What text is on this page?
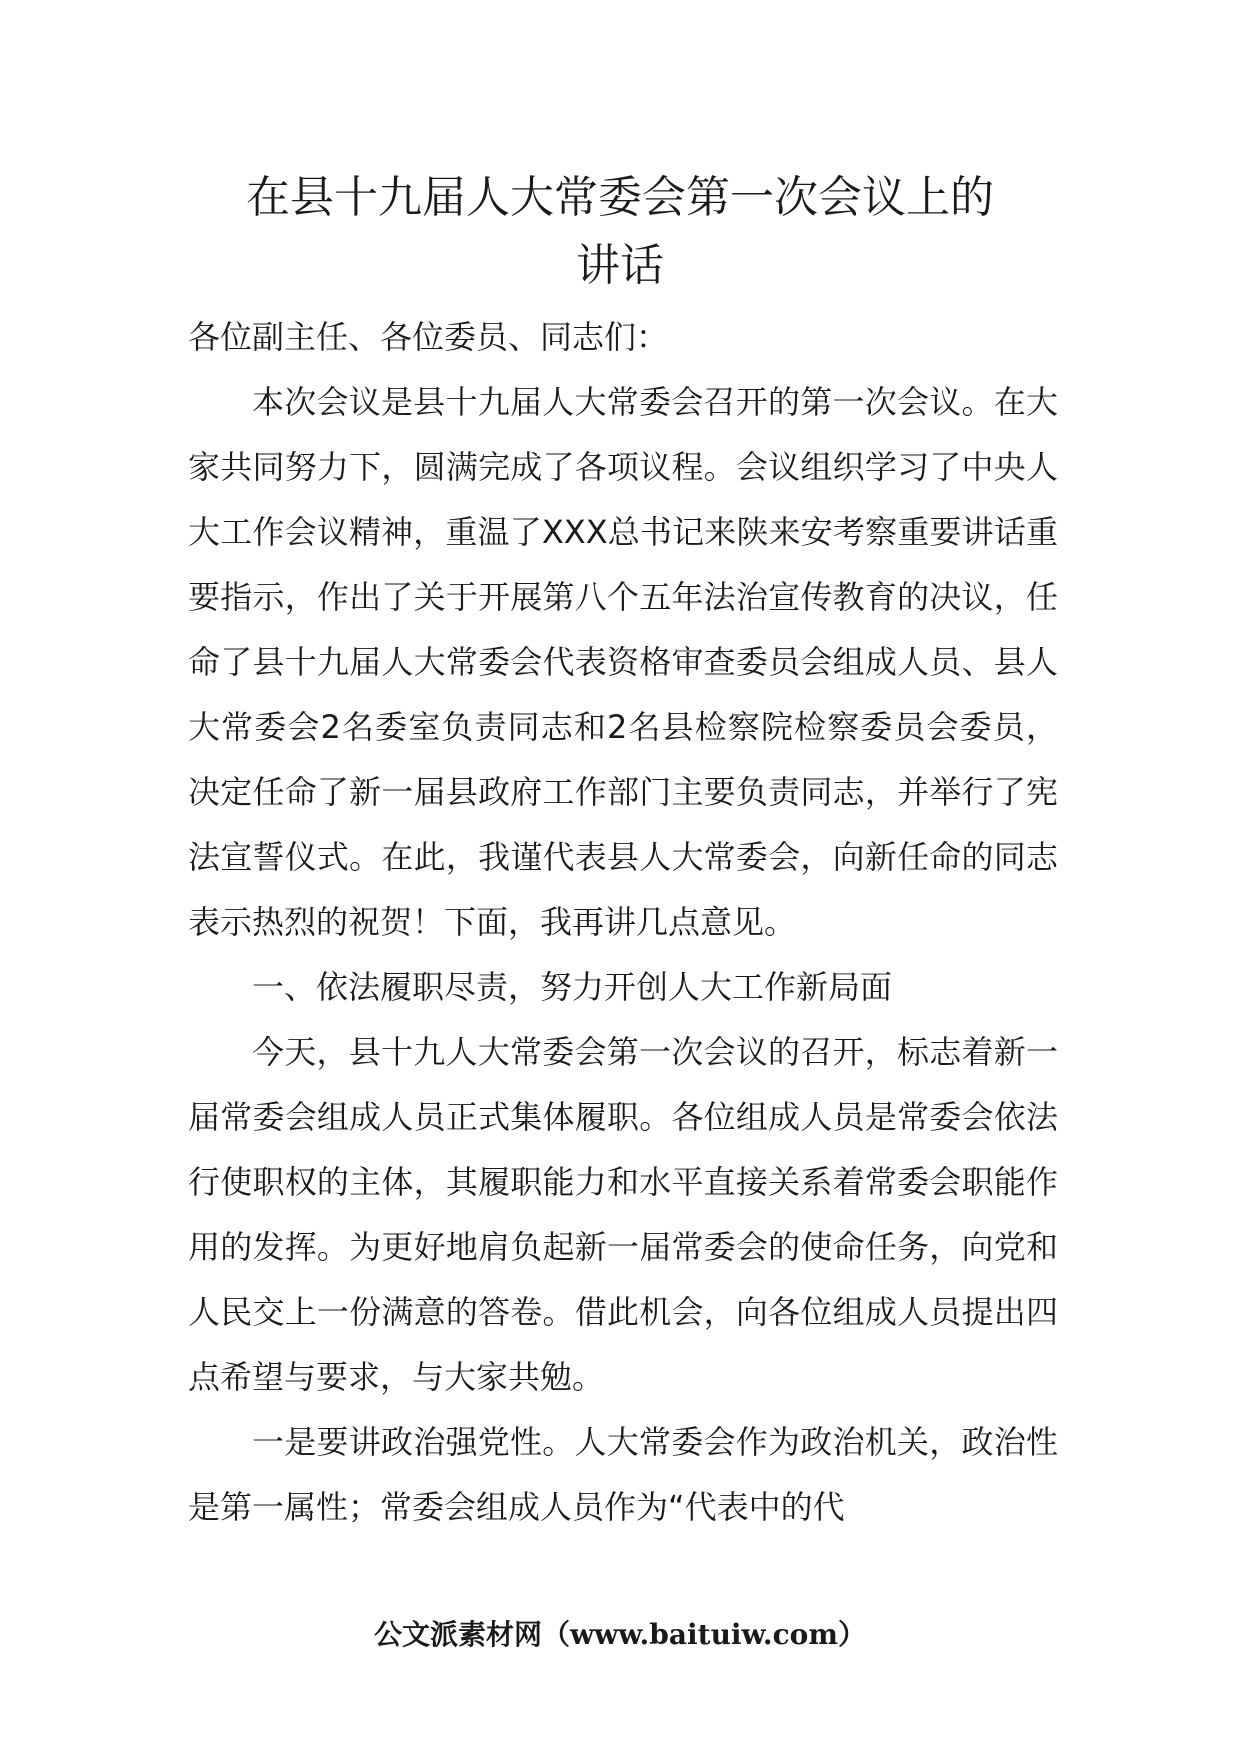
在县十九届人大常委会第一次会议上的
讲话

各位副主任、各位委员、同志们：

本次会议是县十九届人大常委会召开的第一次会议。在大家共同努力下，圆满完成了各项议程。会议组织学习了中央人大工作会议精神，重温了XXX总书记来陕来安考察重要讲话重要指示，作出了关于开展第八个五年法治宣传教育的决议，任命了县十九届人大常委会代表资格审查委员会组成人员、县人大常委会2名委室负责同志和2名县检察院检察委员会委员，决定任命了新一届县政府工作部门主要负责同志，并举行了宪法宣誓仪式。在此，我谨代表县人大常委会，向新任命的同志表示热烈的祝贺！下面，我再讲几点意见。

一、依法履职尽责，努力开创人大工作新局面

今天，县十九人大常委会第一次会议的召开，标志着新一届常委会组成人员正式集体履职。各位组成人员是常委会依法行使职权的主体，其履职能力和水平直接关系着常委会职能作用的发挥。为更好地肩负起新一届常委会的使命任务，向党和人民交上一份满意的答卷。借此机会，向各位组成人员提出四点希望与要求，与大家共勉。

一是要讲政治强党性。人大常委会作为政治机关，政治性是第一属性；常委会组成人员作为“代表中的代

公文派素材网（www.baituiw.com）
